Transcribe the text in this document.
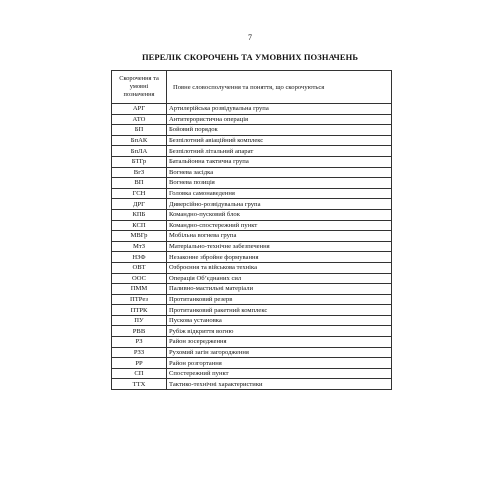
7
ПЕРЕЛІК СКОРОЧЕНЬ ТА УМОВНИХ ПОЗНАЧЕНЬ
Скорочення та умовні позначення	Повне словосполучення та поняття, що скорочуються
АРГ	Артилерійська розвідувальна група
АТО	Антитерористична операція
БП	Бойовий порядок
БпАК	Безпілотний авіаційний комплекс
БпЛА	Безпілотний літальний апарат
БТГр	Батальйонна тактична група
ВгЗ	Вогнева засідка
ВП	Вогнева позиція
ГСН	Головка самонаведення
ДРГ	Диверсійно-розвідувальна група
КПБ	Командно-пусковий блок
КСП	Командно-спостережний пункт
МВГр	Мобільна вогнева група
МтЗ	Матеріально-технічне забезпечення
НЗФ	Незаконне збройне формування
ОВТ	Озброєння та військова техніка
ООС	Операція Об’єднаних сил
ПММ	Паливно-мастильні матеріали
ПТРез	Протитанковий резерв
ПТРК	Протитанковий ракетний комплекс
ПУ	Пускова установка
РВВ	Рубіж відкриття вогню
РЗ	Район зосередження
РЗЗ	Рухомий загін загородження
РР	Район розгортання
СП	Спостережний пункт
ТТХ	Тактико-технічні характеристики
